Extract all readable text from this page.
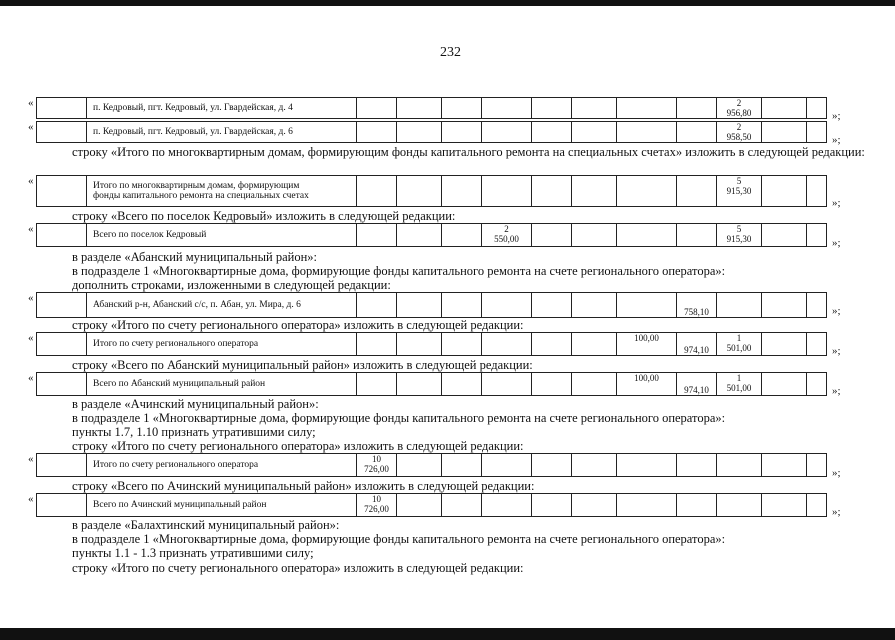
232
«
		п. Кедровый, пгт. Кедровый, ул. Гвардейская, д. 4									2
956,80			»;
«
		п. Кедровый, пгт. Кедровый, ул. Гвардейская, д. 6									2
958,50			»;
строку «Итого по многоквартирным домам, формирующим фонды капитального ремонта на специальных счетах» изложить в следующей редакции:
«
		Итого по многоквартирным домам, формирующим
фонды капитального ремонта на специальных счетах									5
915,30		
»;
строку «Всего по поселок Кедровый» изложить в следующей редакции:
«
		Всего по поселок Кедровый				2
550,00					5
915,30			»;
в разделе «Абанский муниципальный район»:
в подразделе 1 «Многоквартирные дома, формирующие фонды капитального ремонта на счете регионального оператора»:
дополнить строками, изложенными в следующей редакции:
«
	Абанский р-н, Абанский с/с, п. Абан, ул. Мира, д. 6								758,10				»;
строку «Итого по счету регионального оператора» изложить в следующей редакции:
«
		Итого по счету регионального оператора							100,00	974,10	1
501,00			»;
строку «Всего по Абанский муниципальный район» изложить в следующей редакции:
«
		Всего по Абанский муниципальный район							100,00	974,10	1
501,00			»;
в разделе «Ачинский муниципальный район»:
в подразделе 1 «Многоквартирные дома, формирующие фонды капитального ремонта на счете регионального оператора»:
пункты 1.7, 1.10 признать утратившими силу;
строку «Итого по счету регионального оператора» изложить в следующей редакции:
«
		Итого по счету регионального оператора	10
726,00											»;
строку «Всего по Ачинский муниципальный район» изложить в следующей редакции:
«
		Всего по Ачинский муниципальный район	10
726,00											»;
в разделе «Балахтинский муниципальный район»:
в подразделе 1 «Многоквартирные дома, формирующие фонды капитального ремонта на счете регионального оператора»:
пункты 1.1 - 1.3 признать утратившими силу;
строку «Итого по счету регионального оператора» изложить в следующей редакции:
